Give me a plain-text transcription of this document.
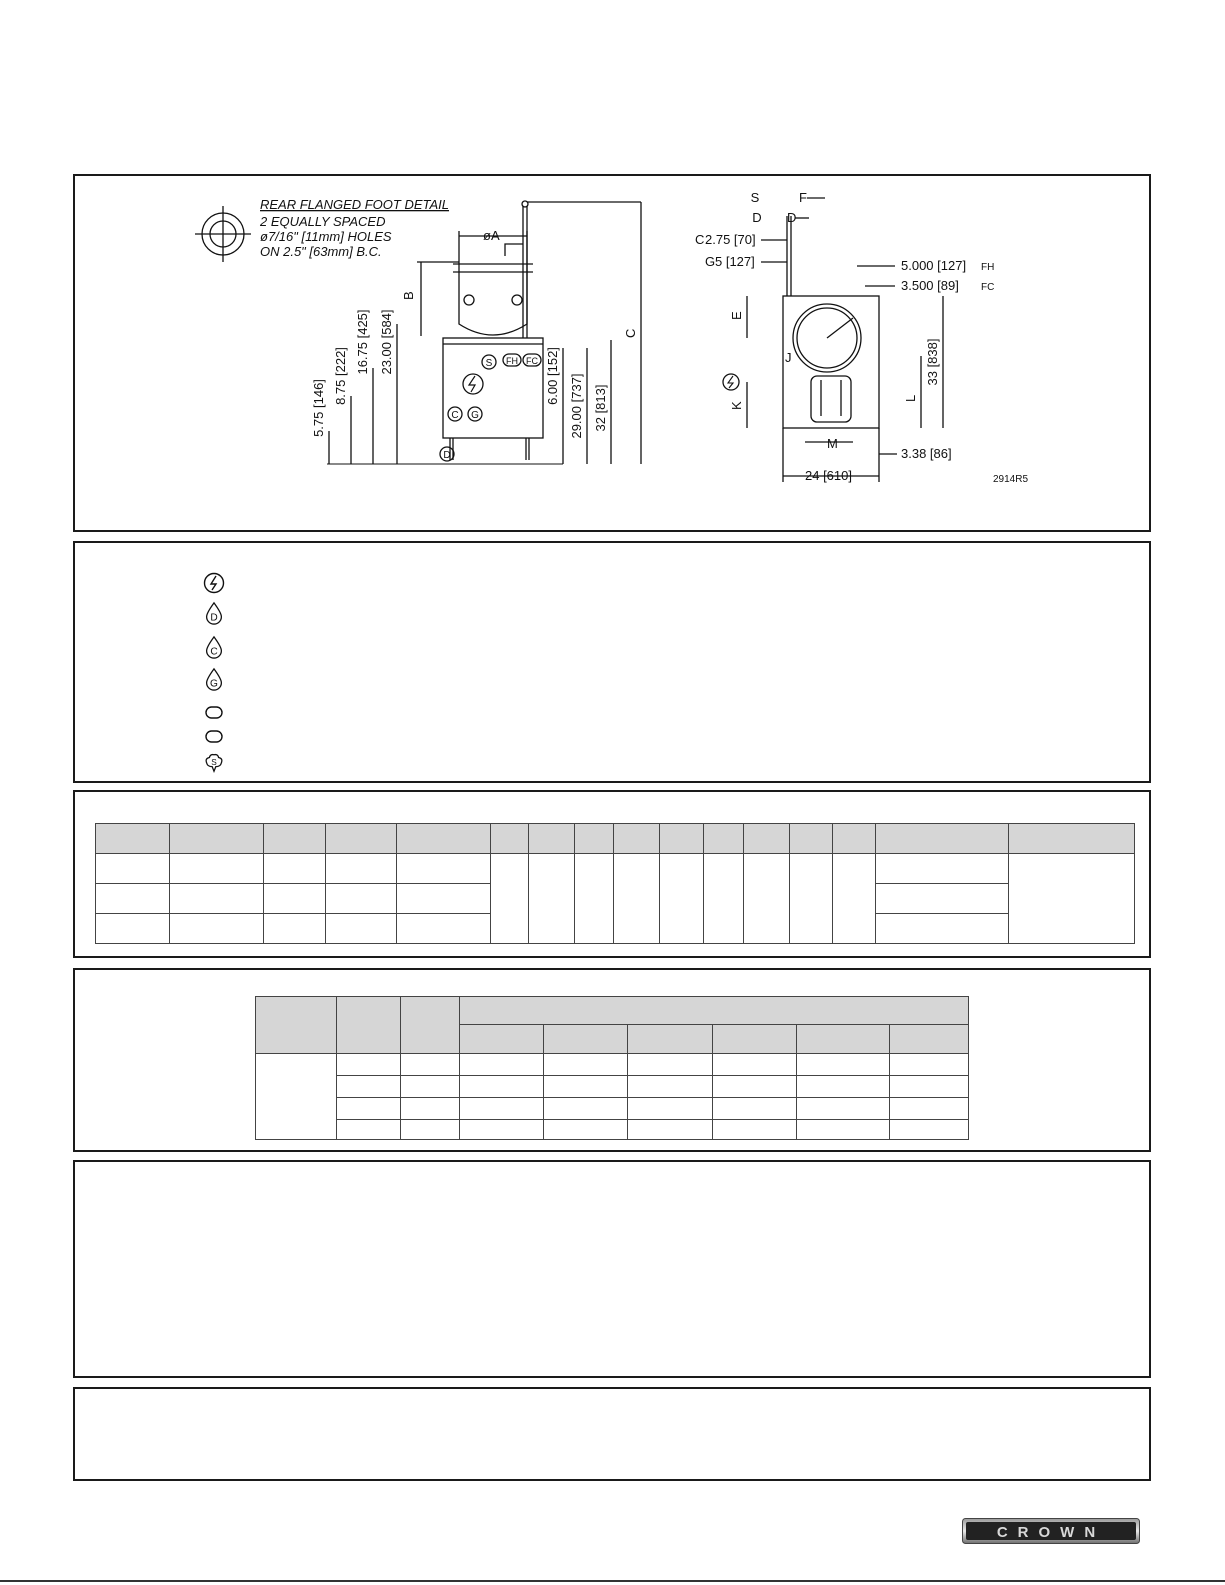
REAR FLANGED FOOT DETAIL
2 EQUALLY SPACED
ø7/16" [11mm] HOLES
ON 2.5" [63mm] B.C.
øA
B
C
23.00 [584]
16.75 [425]
8.75 [222]
5.75 [146]
6.00 [152] 29.00 [737] 32 [813]
S FH FC
C G
D
S	F
D D
C 2.75 [70]
G 5 [127]	5.000 [127] FH
3.500 [89] FC
E
J
K
L
33 [838]
M
3.38 [86]
24 [610]	2914R5
D
C
G
S

CROWN
